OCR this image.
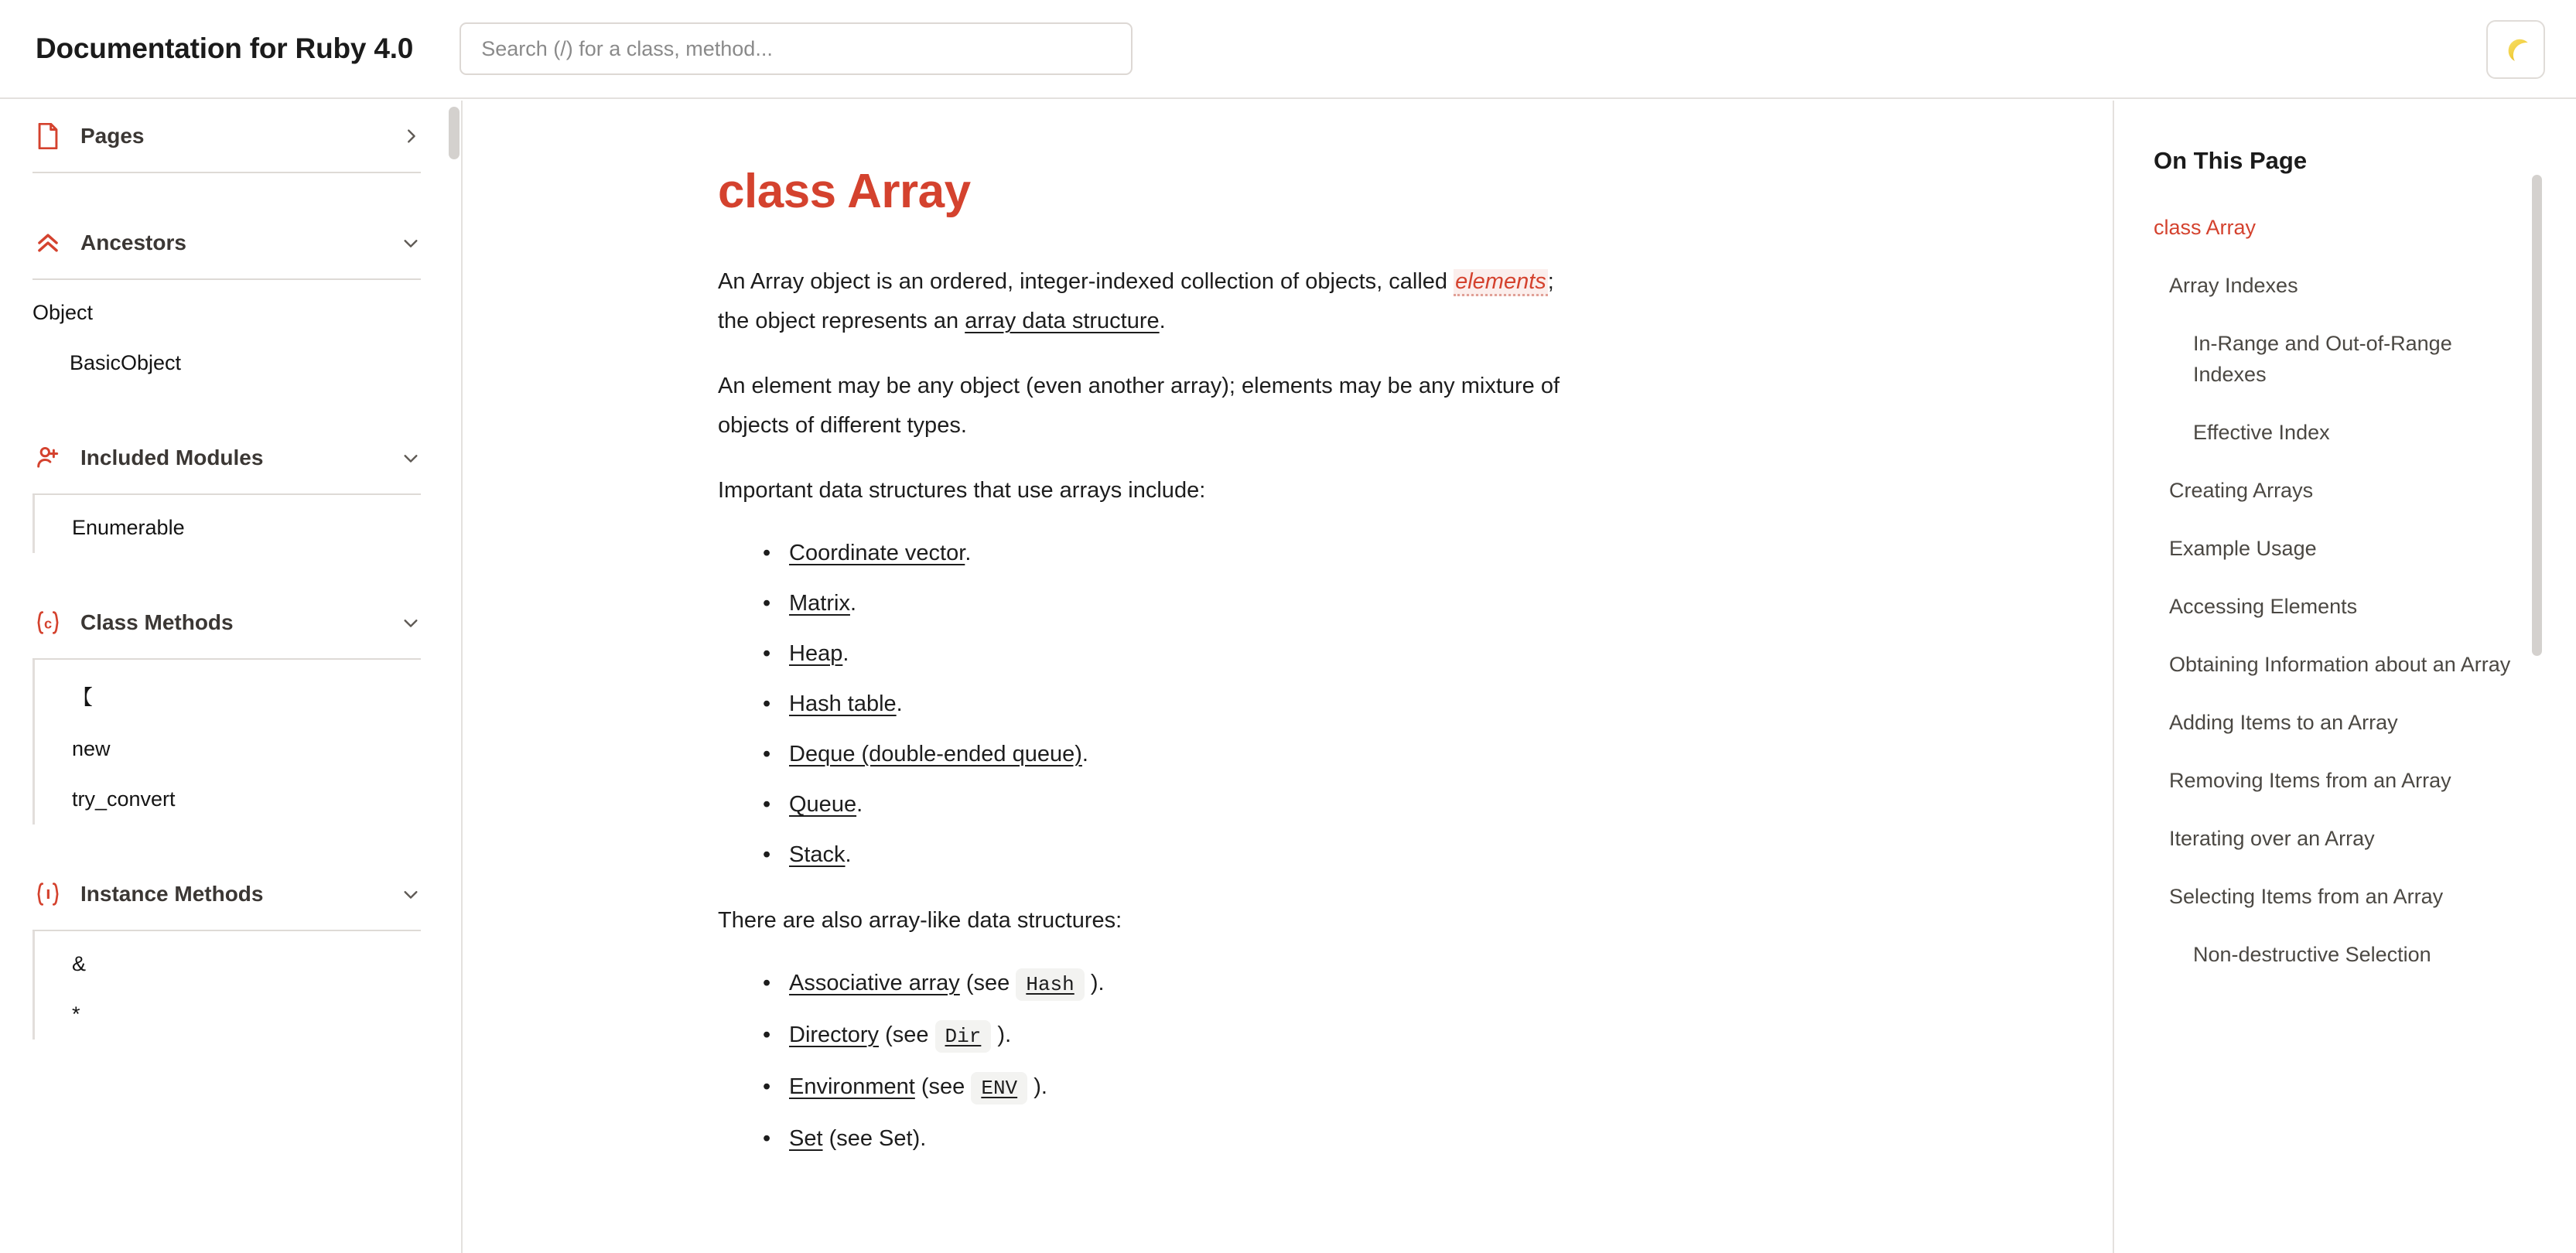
Documentation for Ruby 4.0
Search (/) for a class, method...
Pages
Ancestors
Object
BasicObject
Included Modules
Enumerable
c Class Methods
【
new
try_convert
Instance Methods
&
*
class Array

An Array object is an ordered, integer-indexed collection of objects, called elements; the object represents an array data structure.

An element may be any object (even another array); elements may be any mixture of objects of different types.

Important data structures that use arrays include:

• Coordinate vector.
• Matrix.
• Heap.
• Hash table.
• Deque (double-ended queue).
• Queue.
• Stack.

There are also array-like data structures:

• Associative array (see Hash ).
• Directory (see Dir ).
• Environment (see ENV ).
• Set (see Set).
On This Page
class Array
Array Indexes
In-Range and Out-of-Range Indexes
Effective Index
Creating Arrays
Example Usage
Accessing Elements
Obtaining Information about an Array
Adding Items to an Array
Removing Items from an Array
Iterating over an Array
Selecting Items from an Array
Non-destructive Selection
